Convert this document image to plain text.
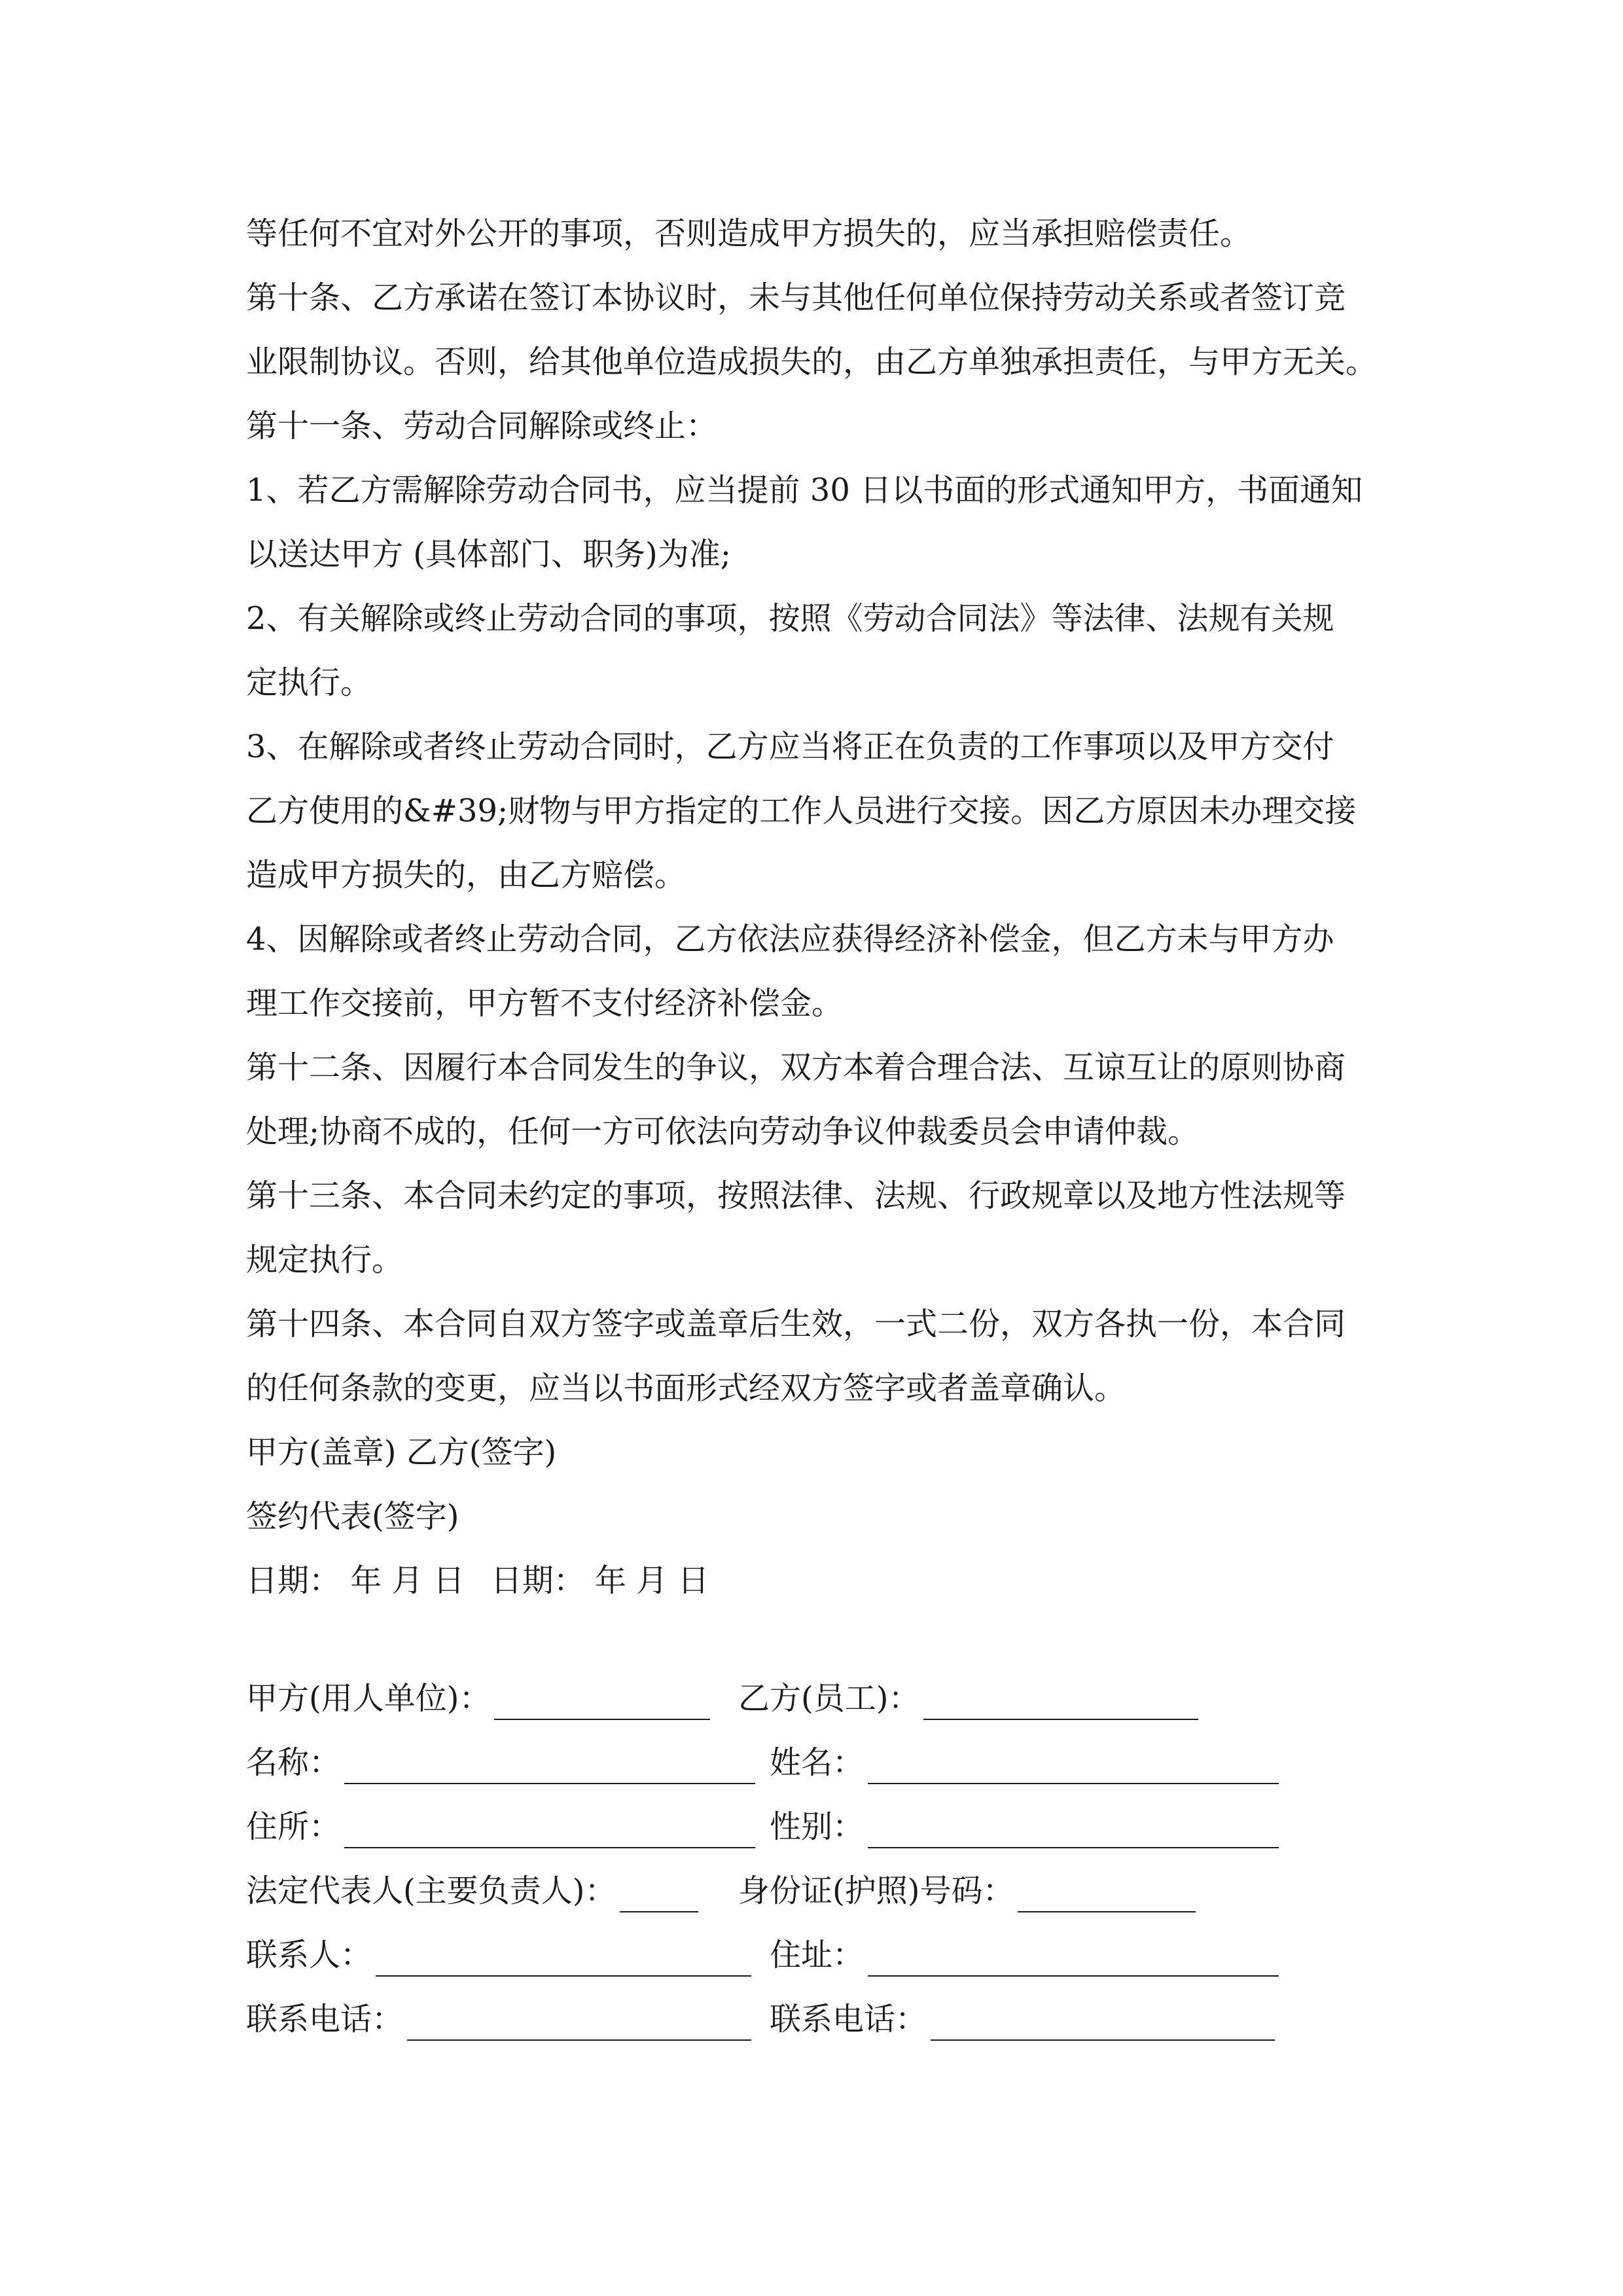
等任何不宜对外公开的事项，否则造成甲方损失的，应当承担赔偿责任。
第十条、乙方承诺在签订本协议时，未与其他任何单位保持劳动关系或者签订竞
业限制协议。否则，给其他单位造成损失的，由乙方单独承担责任，与甲方无关。
第十一条、劳动合同解除或终止：
1、若乙方需解除劳动合同书，应当提前 30 日以书面的形式通知甲方，书面通知
以送达甲方 (具体部门、职务)为准;
2、有关解除或终止劳动合同的事项，按照《劳动合同法》等法律、法规有关规
定执行。
3、在解除或者终止劳动合同时，乙方应当将正在负责的工作事项以及甲方交付
乙方使用的&#39;财物与甲方指定的工作人员进行交接。因乙方原因未办理交接
造成甲方损失的，由乙方赔偿。
4、因解除或者终止劳动合同，乙方依法应获得经济补偿金，但乙方未与甲方办
理工作交接前，甲方暂不支付经济补偿金。
第十二条、因履行本合同发生的争议，双方本着合理合法、互谅互让的原则协商
处理;协商不成的，任何一方可依法向劳动争议仲裁委员会申请仲裁。
第十三条、本合同未约定的事项，按照法律、法规、行政规章以及地方性法规等
规定执行。
第十四条、本合同自双方签字或盖章后生效，一式二份，双方各执一份，本合同
的任何条款的变更，应当以书面形式经双方签字或者盖章确认。
甲方(盖章) 乙方(签字)
签约代表(签字)
日期： 年 月 日 日期： 年 月 日
甲方(用人单位)：	乙方(员工)：
名称：	姓名：
住所：	性别：
法定代表人(主要负责人)：	身份证(护照)号码：
联系人：	住址：
联系电话：	联系电话：
